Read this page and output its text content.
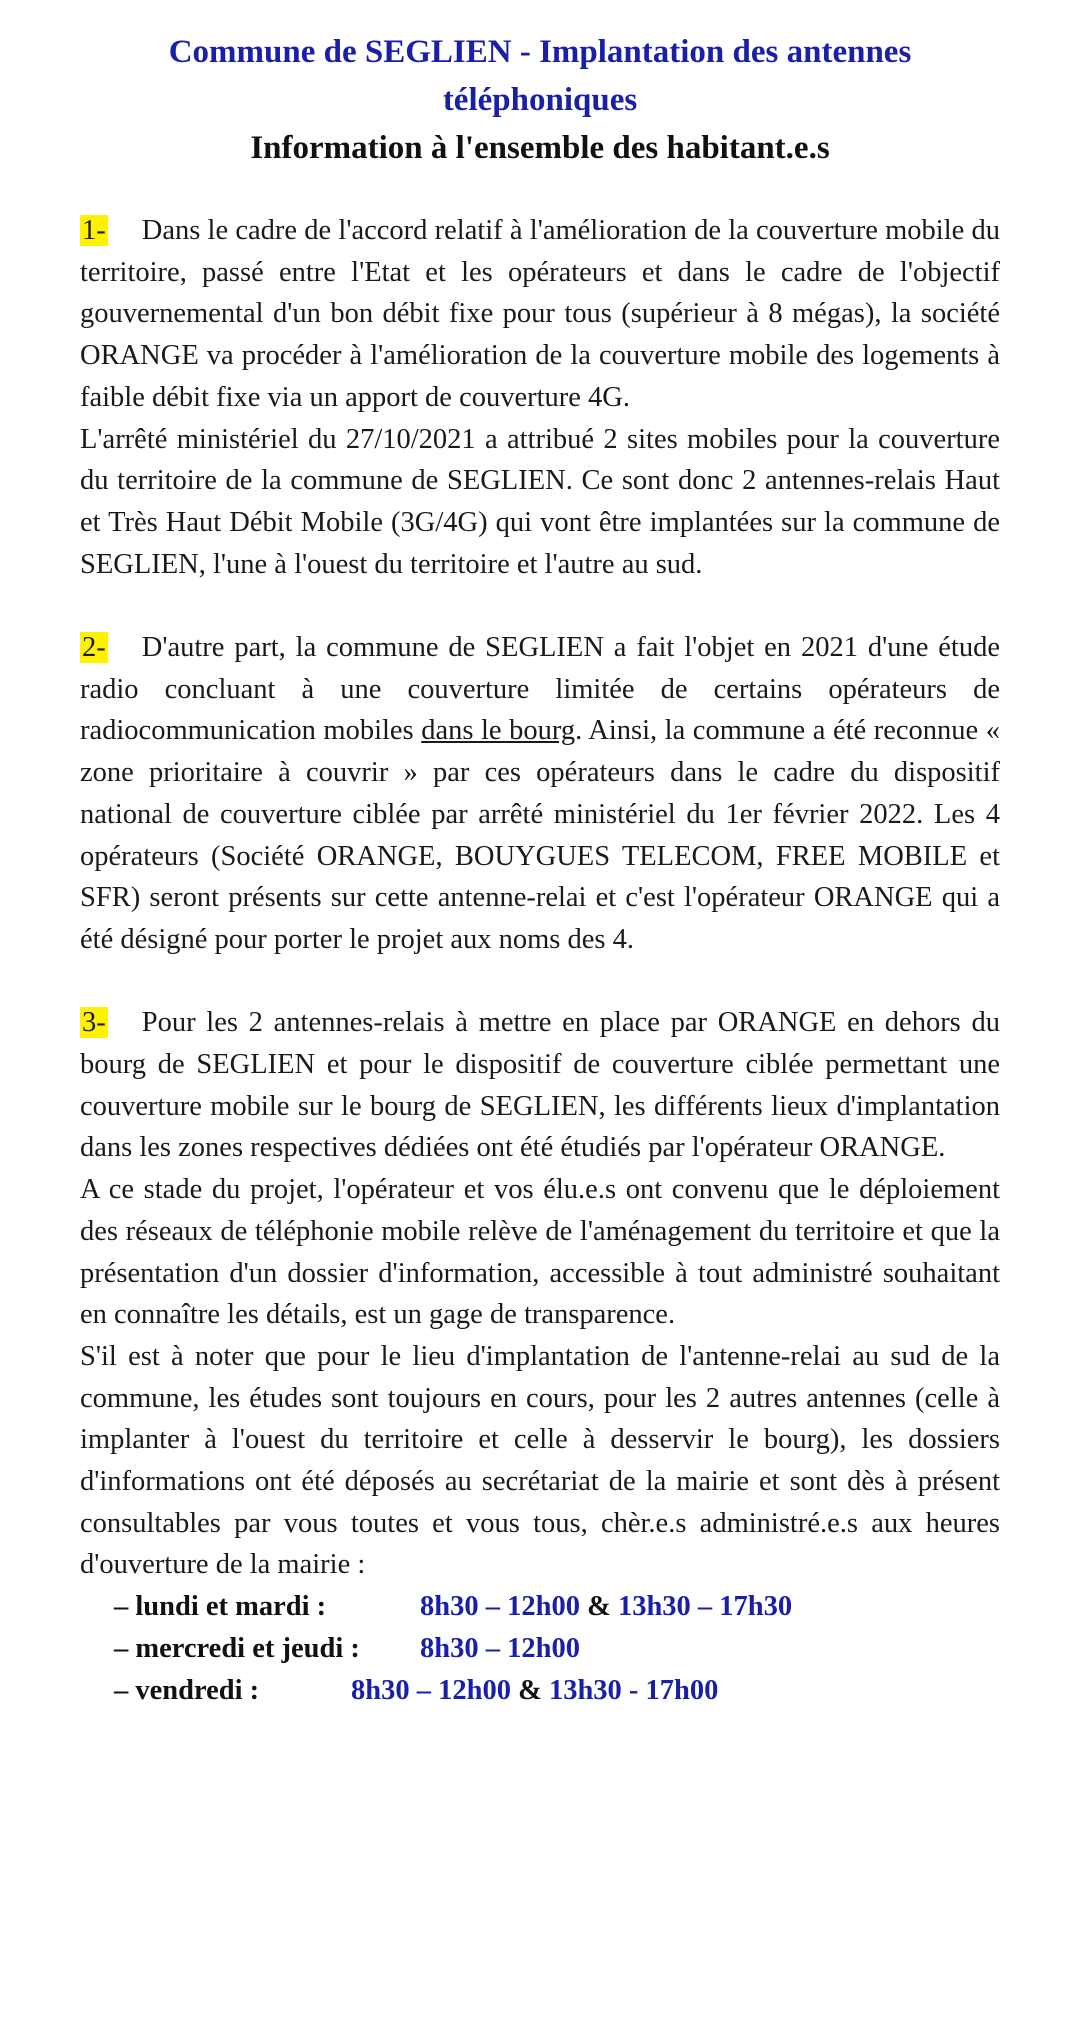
Commune de SEGLIEN - Implantation des antennes téléphoniques
Information à l'ensemble des habitant.e.s

1- Dans le cadre de l'accord relatif à l'amélioration de la couverture mobile du territoire, passé entre l'Etat et les opérateurs et dans le cadre de l'objectif gouvernemental d'un bon débit fixe pour tous (supérieur à 8 mégas), la société ORANGE va procéder à l'amélioration de la couverture mobile des logements à faible débit fixe via un apport de couverture 4G.

L'arrêté ministériel du 27/10/2021 a attribué 2 sites mobiles pour la couverture du territoire de la commune de SEGLIEN. Ce sont donc 2 antennes-relais Haut et Très Haut Débit Mobile (3G/4G) qui vont être implantées sur la commune de SEGLIEN, l'une à l'ouest du territoire et l'autre au sud.

2- D'autre part, la commune de SEGLIEN a fait l'objet en 2021 d'une étude radio concluant à une couverture limitée de certains opérateurs de radiocommunication mobiles dans le bourg. Ainsi, la commune a été reconnue « zone prioritaire à couvrir » par ces opérateurs dans le cadre du dispositif national de couverture ciblée par arrêté ministériel du 1er février 2022. Les 4 opérateurs (Société ORANGE, BOUYGUES TELECOM, FREE MOBILE et SFR) seront présents sur cette antenne-relai et c'est l'opérateur ORANGE qui a été désigné pour porter le projet aux noms des 4.

3- Pour les 2 antennes-relais à mettre en place par ORANGE en dehors du bourg de SEGLIEN et pour le dispositif de couverture ciblée permettant une couverture mobile sur le bourg de SEGLIEN, les différents lieux d'implantation dans les zones respectives dédiées ont été étudiés par l'opérateur ORANGE.

A ce stade du projet, l'opérateur et vos élu.e.s ont convenu que le déploiement des réseaux de téléphonie mobile relève de l'aménagement du territoire et que la présentation d'un dossier d'information, accessible à tout administré souhaitant en connaître les détails, est un gage de transparence.

S'il est à noter que pour le lieu d'implantation de l'antenne-relai au sud de la commune, les études sont toujours en cours, pour les 2 autres antennes (celle à implanter à l'ouest du territoire et celle à desservir le bourg), les dossiers d'informations ont été déposés au secrétariat de la mairie et sont dès à présent consultables par vous toutes et vous tous, chèr.e.s administré.e.s aux heures d'ouverture de la mairie :

– lundi et mardi :	8h30 – 12h00 & 13h30 – 17h30
– mercredi et jeudi :	8h30 – 12h00
– vendredi :	8h30 – 12h00 & 13h30 - 17h00
